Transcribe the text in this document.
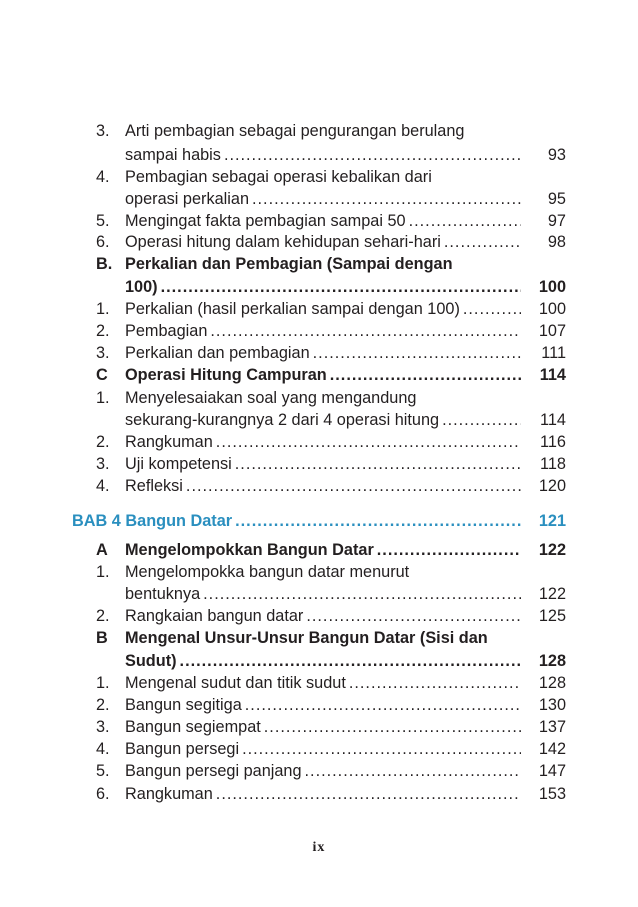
3. Arti pembagian sebagai pengurangan berulang
sampai habis .....	93
4. Pembagian sebagai operasi kebalikan dari
operasi perkalian .....	95
5. Mengingat fakta pembagian sampai 50 .....	97
6. Operasi hitung dalam kehidupan sehari-hari .....	98
B. Perkalian dan Pembagian (Sampai dengan
100) .....	100
1. Perkalian (hasil perkalian sampai dengan 100) .....	100
2. Pembagian .....	107
3. Perkalian dan pembagian .....	111
C Operasi Hitung Campuran .....	114
1. Menyelesaiakan soal yang mengandung
sekurang-kurangnya 2 dari 4 operasi hitung .....	114
2. Rangkuman .....	116
3. Uji kompetensi .....	118
4. Refleksi .....	120
BAB 4 Bangun Datar .....	121
A Mengelompokkan Bangun Datar .....	122
1. Mengelompokka bangun datar menurut
bentuknya .....	122
2. Rangkaian bangun datar .....	125
B Mengenal Unsur-Unsur Bangun Datar (Sisi dan
Sudut) .....	128
1. Mengenal sudut dan titik sudut .....	128
2. Bangun segitiga .....	130
3. Bangun segiempat .....	137
4. Bangun persegi .....	142
5. Bangun persegi panjang .....	147
6. Rangkuman .....	153
ix
